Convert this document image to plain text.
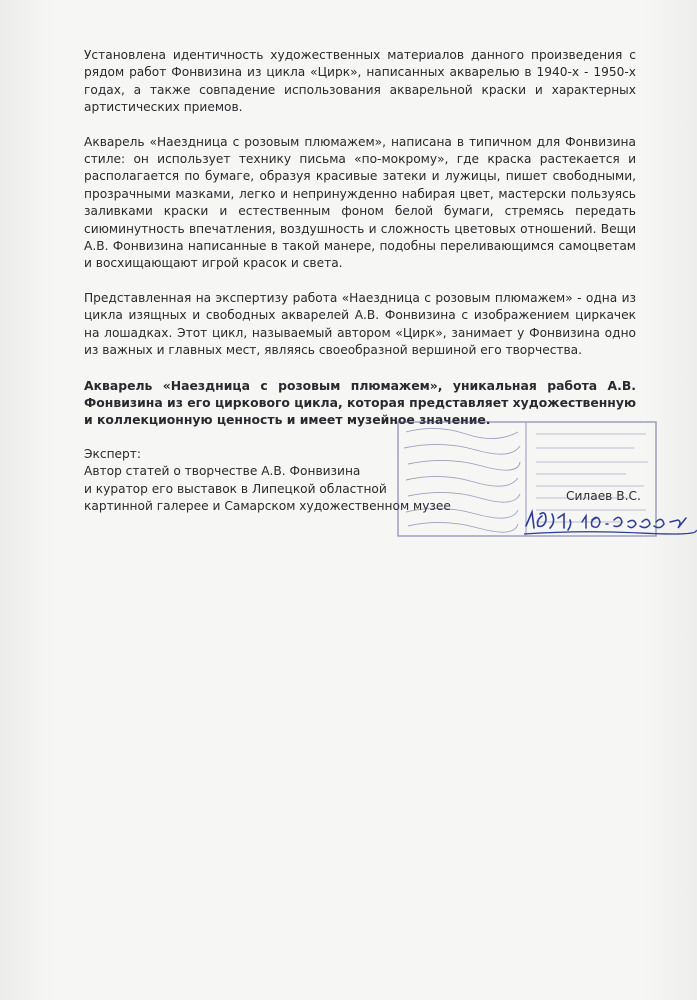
Установлена идентичность художественных материалов данного произведения с рядом работ Фонвизина из цикла «Цирк», написанных акварелью в 1940-х - 1950-х годах, а также совпадение использования акварельной краски и характерных артистических приемов.

Акварель «Наездница с розовым плюмажем», написана в типичном для Фонвизина стиле: он использует технику письма «по-мокрому», где краска растекается и располагается по бумаге, образуя красивые затеки и лужицы, пишет свободными, прозрачными мазками, легко и непринужденно набирая цвет, мастерски пользуясь заливками краски и естественным фоном белой бумаги, стремясь передать сиюминутность впечатления, воздушность и сложность цветовых отношений. Вещи А.В. Фонвизина написанные в такой манере, подобны переливающимся самоцветам и восхищающают игрой красок и света.

Представленная на экспертизу работа «Наездница с розовым плюмажем» - одна из цикла изящных и свободных акварелей А.В. Фонвизина с изображением циркачек на лошадках. Этот цикл, называемый автором «Цирк», занимает у Фонвизина одно из важных и главных мест, являясь своеобразной вершиной его творчества.

Акварель «Наездница с розовым плюмажем», уникальная работа А.В. Фонвизина из его циркового цикла, которая представляет художественную и коллекционную ценность и имеет музейное значение.

Эксперт:
Автор статей о творчестве А.В. Фонвизина
и куратор его выставок в Липецкой областной
картинной галерее и Самарском художественном музее
Силаев В.С.
